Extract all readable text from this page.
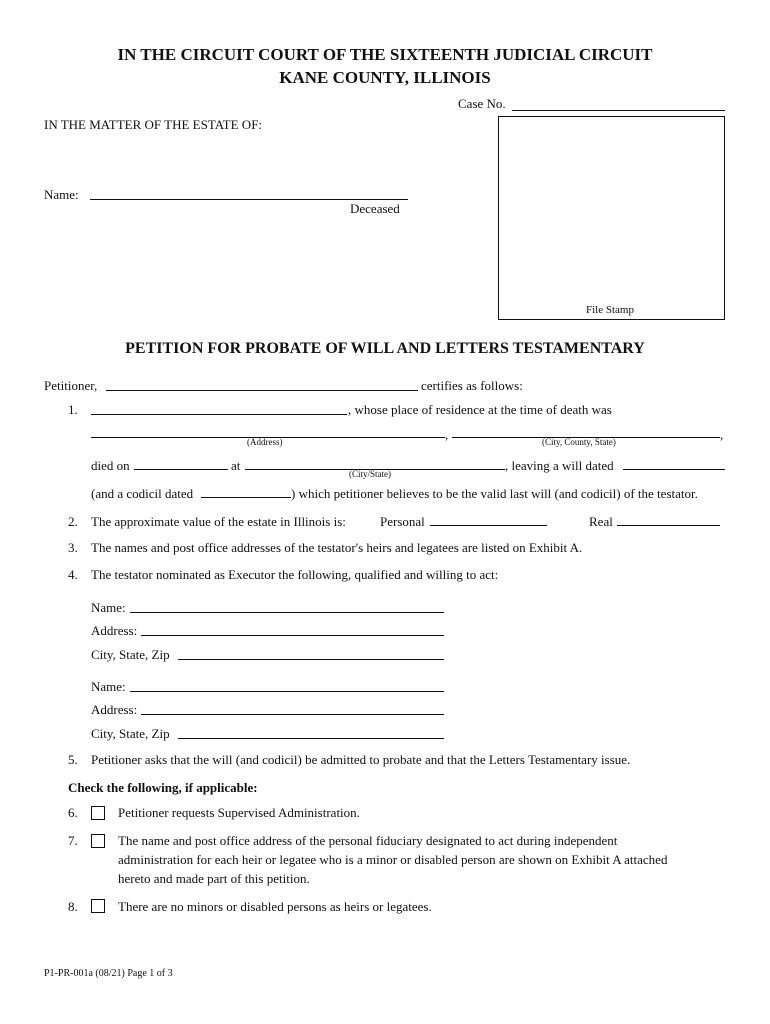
IN THE CIRCUIT COURT OF THE SIXTEENTH JUDICIAL CIRCUIT
KANE COUNTY, ILLINOIS
Case No.
IN THE MATTER OF THE ESTATE OF:
Name:
Deceased
File Stamp
PETITION FOR PROBATE OF WILL AND LETTERS TESTAMENTARY
Petitioner,	certifies as follows:
1.	, whose place of residence at the time of death was
,	,
(Address)	(City, County, State)
died on	at
(City/State)
, leaving a will dated
(and a codicil dated	) which petitioner believes to be the valid last will (and codicil) of the testator.
2. The approximate value of the estate in Illinois is:	Personal	Real
3. The names and post office addresses of the testator's heirs and legatees are listed on Exhibit A.
4. The testator nominated as Executor the following, qualified and willing to act:
Name:
Address:
City, State, Zip
Name:
Address:
City, State, Zip
5. Petitioner asks that the will (and codicil) be admitted to probate and that the Letters Testamentary issue.
Check the following, if applicable:
6.	Petitioner requests Supervised Administration.
7.	The name and post office address of the personal fiduciary designated to act during independent
administration for each heir or legatee who is a minor or disabled person are shown on Exhibit A attached
hereto and made part of this petition.
8.	There are no minors or disabled persons as heirs or legatees.
P1-PR-001a (08/21) Page 1 of 3
